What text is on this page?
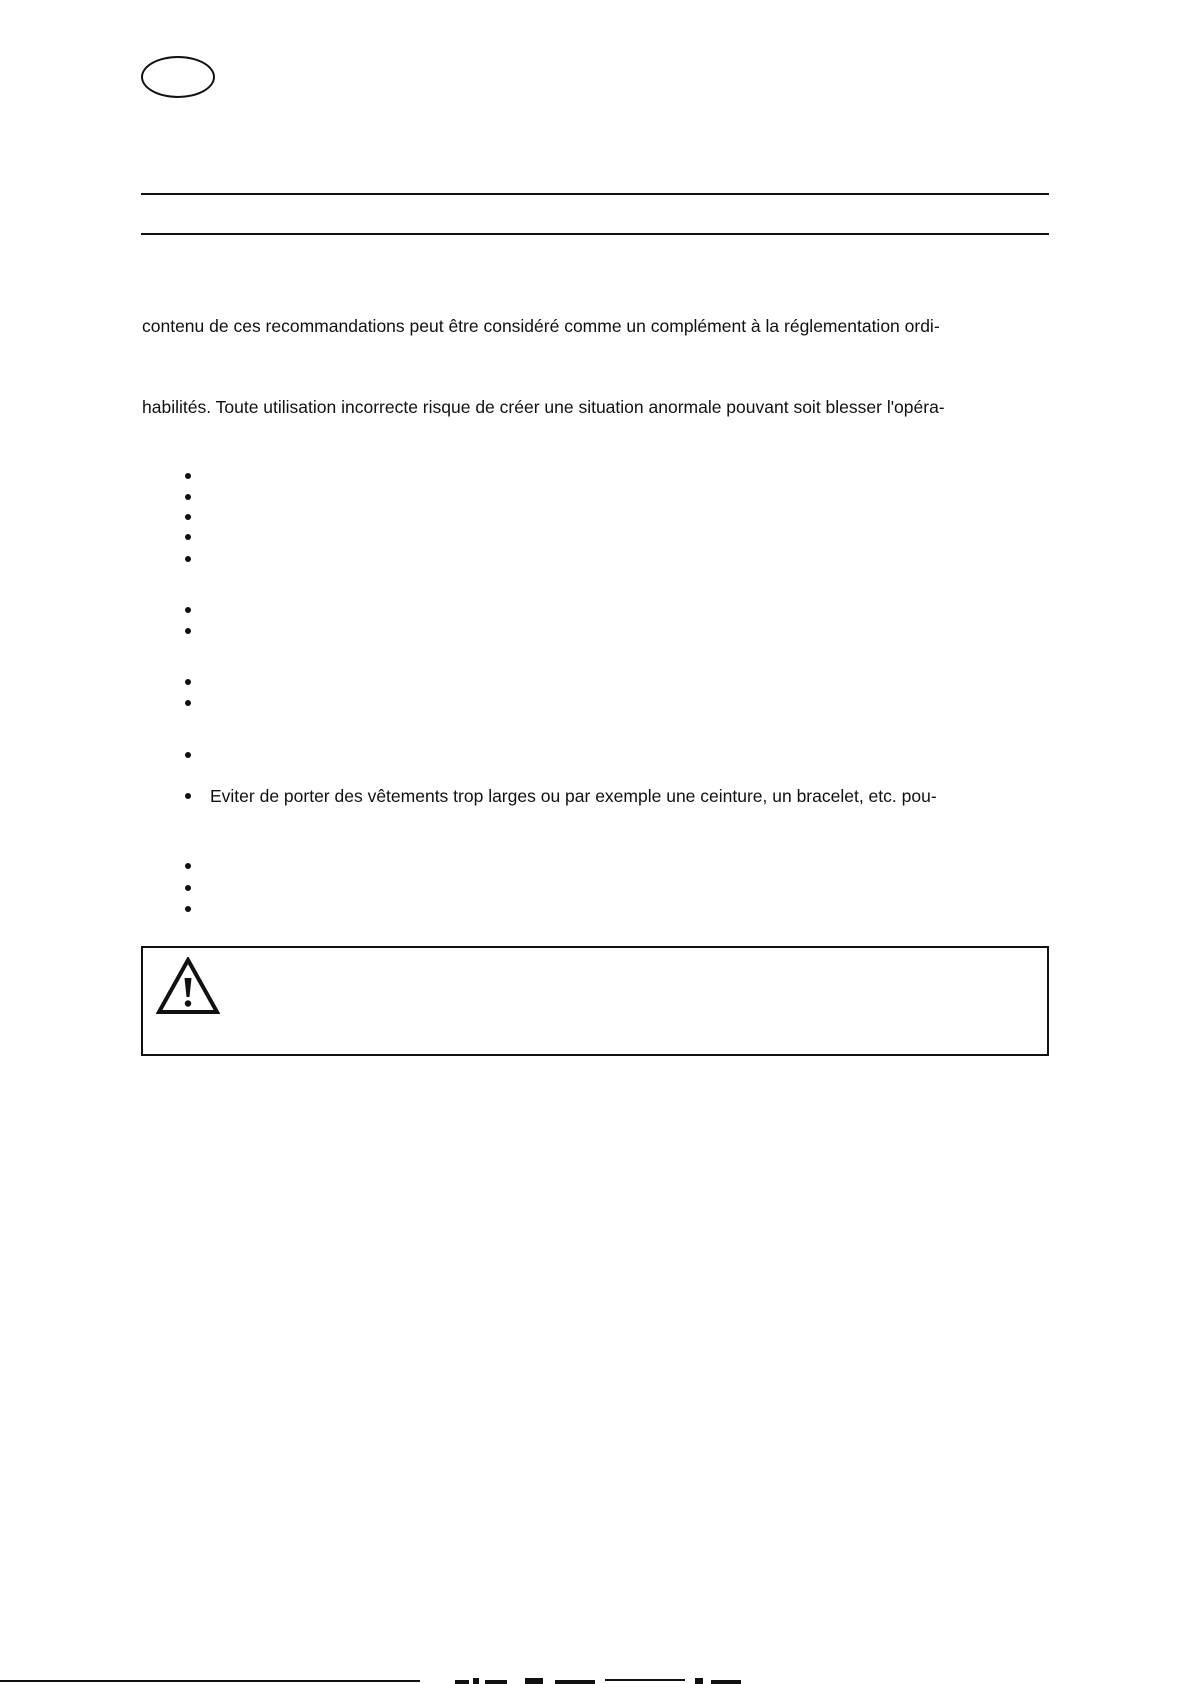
contenu de ces recommandations peut être considéré comme un complément à la réglementation ordi-
habilités. Toute utilisation incorrecte risque de créer une situation anormale pouvant soit blesser l'opéra-
Eviter de porter des vêtements trop larges ou par exemple une ceinture, un bracelet, etc. pou-
